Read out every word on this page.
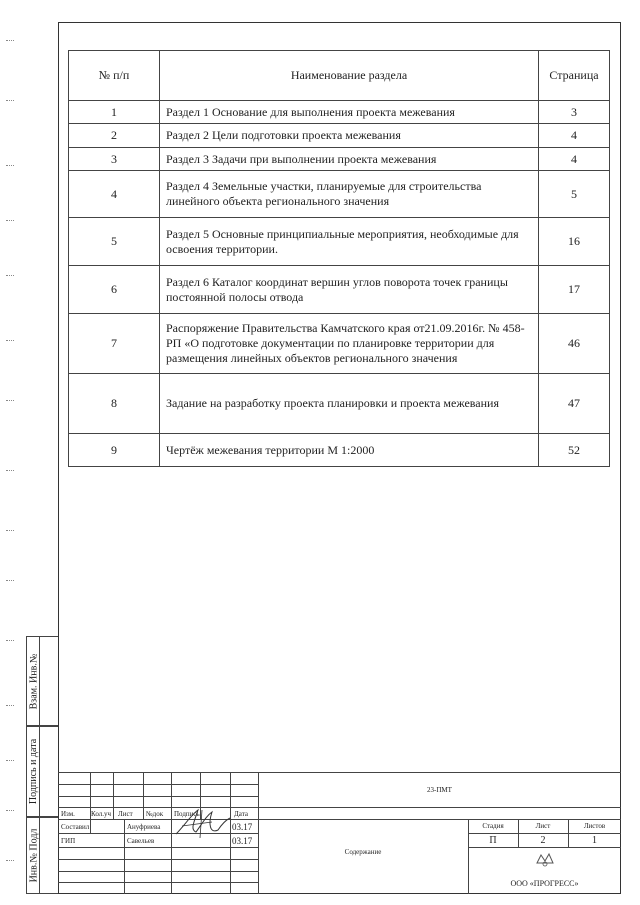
№ п/п	Наименование раздела	Страница
1	Раздел 1 Основание для выполнения проекта межевания	3
2	Раздел 2 Цели подготовки проекта межевания	4
3	Раздел 3 Задачи при выполнении проекта межевания	4
4	Раздел 4 Земельные участки, планируемые для строительства линейного объекта регионального значения	5
5	Раздел 5 Основные принципиальные мероприятия, необходимые для освоения территории.	16
6	Раздел 6 Каталог координат вершин углов поворота точек границы постоянной полосы отвода	17
7	Распоряжение Правительства Камчатского края от21.09.2016г. № 458-РП «О подготовке документации по планировке территории для размещения линейных объектов регионального значения	46
8	Задание на разработку проекта планировки и проекта межевания	47
9	Чертёж межевания территории М 1:2000	52
Взам. Инв.№
Подпись и дата
Инв.№ Подл
Изм. Кол.уч Лист №док Подпись	Дата
Составил	Ануфриева	03.17
ГИП	Савельев	03.17
23-ПМТ
Содержание
Стадия	Лист	Листов
П	2	1
ООО «ПРОГРЕСС»
